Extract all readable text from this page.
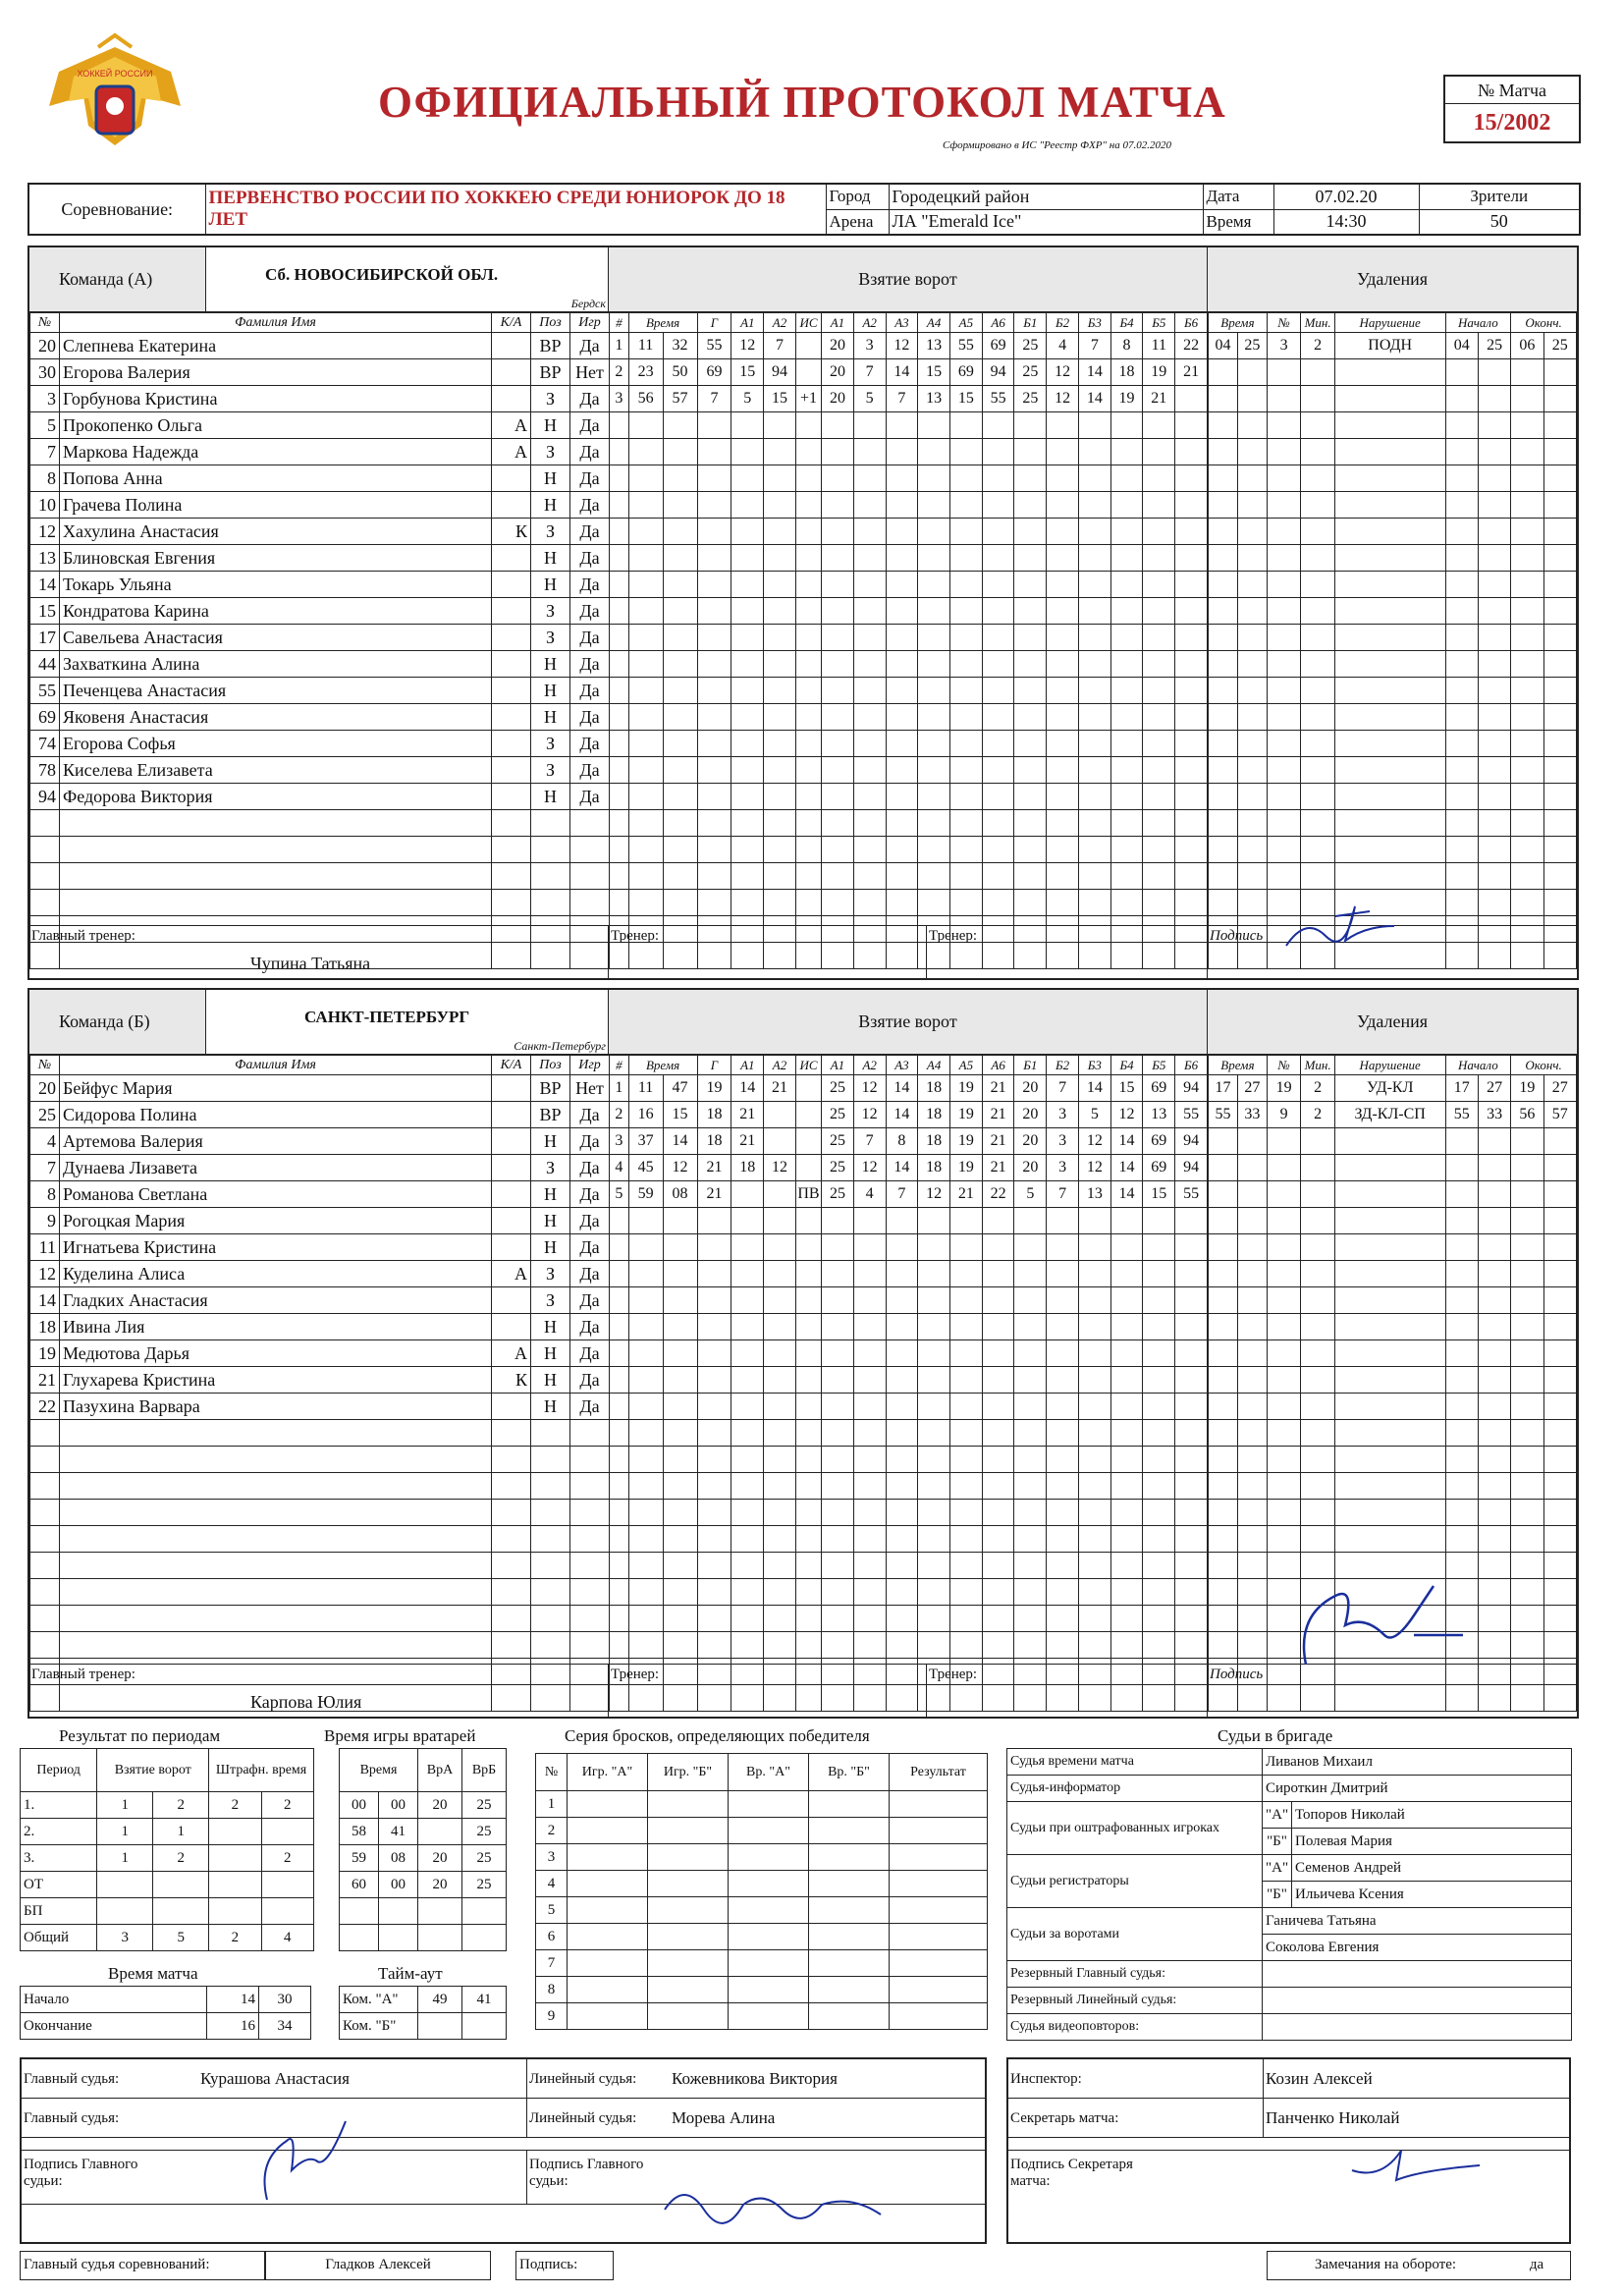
ХОККЕЙ РОССИИ
ОФИЦИАЛЬНЫЙ ПРОТОКОЛ МАТЧА
Сформировано в ИС "Реестр ФХР" на 07.02.2020
№ Матча
15/2002
Соревнование:	ПЕРВЕНСТВО РОССИИ ПО ХОККЕЮ СРЕДИ ЮНИОРОК ДО 18 ЛЕТ	Город	Городецкий район	Дата	07.02.20	Зрители
		Арена	ЛА "Emerald Ice"	Время	14:30	50
Команда (А)	Сб. НОВОСИБИРСКОЙ ОБЛ.
Бердск
Взятие ворот	Удаления
№	Фамилия Имя	К/А	Поз	Игр
20	Слепнева Екатерина		ВР	Да
30	Егорова Валерия		ВР	Нет
3	Горбунова Кристина		З	Да
5	Прокопенко Ольга	А	Н	Да
7	Маркова Надежда	А	З	Да
8	Попова Анна		Н	Да
10	Грачева Полина		Н	Да
12	Хахулина Анастасия	К	З	Да
13	Блиновская Евгения		Н	Да
14	Токарь Ульяна		Н	Да
15	Кондратова Карина		З	Да
17	Савельева Анастасия		З	Да
44	Захваткина Алина		Н	Да
55	Печенцева Анастасия		Н	Да
69	Яковеня Анастасия		Н	Да
74	Егорова Софья		З	Да
78	Киселева Елизавета		З	Да
94	Федорова Виктория		Н	Да

#	Время		Г	А1	А2	ИС	А1	А2	А3	А4	А5	А6	Б1	Б2	Б3	Б4	Б5	Б6
1	11	32	55	12	7		20	3	12	13	55	69	25	4	7	8	11	22
2	23	50	69	15	94		20	7	14	15	69	94	25	12	14	18	19	21
3	56	57	7	5	15	+1	20	5	7	13	15	55	25	12	14	19	21	

Время		№	Мин.	Нарушение	Начало		Оконч.	
04	25	3	2	ПОДН	04	25	06	25

Главный тренер:
Чупина Татьяна
Тренер:	Тренер:	Подпись
Команда (Б)	САНКТ-ПЕТЕРБУРГ
Санкт-Петербург
Взятие ворот	Удаления
№	Фамилия Имя	К/А	Поз	Игр
20	Бейфус Мария		ВР	Нет
25	Сидорова Полина		ВР	Да
4	Артемова Валерия		Н	Да
7	Дунаева Лизавета		З	Да
8	Романова Светлана		Н	Да
9	Рогоцкая Мария		Н	Да
11	Игнатьева Кристина		Н	Да
12	Куделина Алиса	А	З	Да
14	Гладких Анастасия		З	Да
18	Ивина Лия		Н	Да
19	Медютова Дарья	А	Н	Да
21	Глухарева Кристина	К	Н	Да
22	Пазухина Варвара		Н	Да

#	Время		Г	А1	А2	ИС	А1	А2	А3	А4	А5	А6	Б1	Б2	Б3	Б4	Б5	Б6
1	11	47	19	14	21		25	12	14	18	19	21	20	7	14	15	69	94
2	16	15	18	21			25	12	14	18	19	21	20	3	5	12	13	55
3	37	14	18	21			25	7	8	18	19	21	20	3	12	14	69	94
4	45	12	21	18	12		25	12	14	18	19	21	20	3	12	14	69	94
5	59	08	21			ПВ	25	4	7	12	21	22	5	7	13	14	15	55

Время		№	Мин.	Нарушение	Начало		Оконч.	
17	27	19	2	УД-КЛ	17	27	19	27
55	33	9	2	ЗД-КЛ-СП	55	33	56	57

Главный тренер:
Карпова Юлия
Тренер:	Тренер:	Подпись
Результат по периодам
Период	Взятие ворот		Штрафн. время	
1.	1	2	2	2
2.	1	1		
3.	1	2		2
ОТ				
БП				
Общий	3	5	2	4
Время игры вратарей
Время		ВрА	ВрБ
00	00	20	25
58	41		25
59	08	20	25
60	00	20	25

Время матча
Начало	14	30
Окончание	16	34
Тайм-аут
Ком. "А"	49	41
Ком. "Б"		
Серия бросков, определяющих победителя
№	Игр. "А"	Игр. "Б"	Вр. "А"	Вр. "Б"	Результат
1					
2					
3					
4					
5					
6					
7					
8					
9					
Судьи в бригаде
Судья времени матча	Ливанов Михаил	
Судья-информатор	Сироткин Дмитрий	
Судьи при оштрафованных игроках	"А"	Топоров Николай
	"Б"	Полевая Мария
Судьи регистраторы	"А"	Семенов Андрей
	"Б"	Ильичева Ксения
Судьи за воротами	Ганичева Татьяна	
	Соколова Евгения	
Резервный Главный судья:		
Резервный Линейный судья:		
Судья видеоповторов:		
Главный судья:	Курашова Анастасия	Линейный судья:	Кожевникова Виктория
Главный судья:	Линейный судья:	Морева Алина
Подпись Главного судьи:
Подпись Главного судьи:
Инспектор:	Козин Алексей
Секретарь матча:	Панченко Николай
Подпись Секретаря матча:
Главный судья соревнований:	Гладков Алексей	Подпись:	Замечания на обороте:	да
